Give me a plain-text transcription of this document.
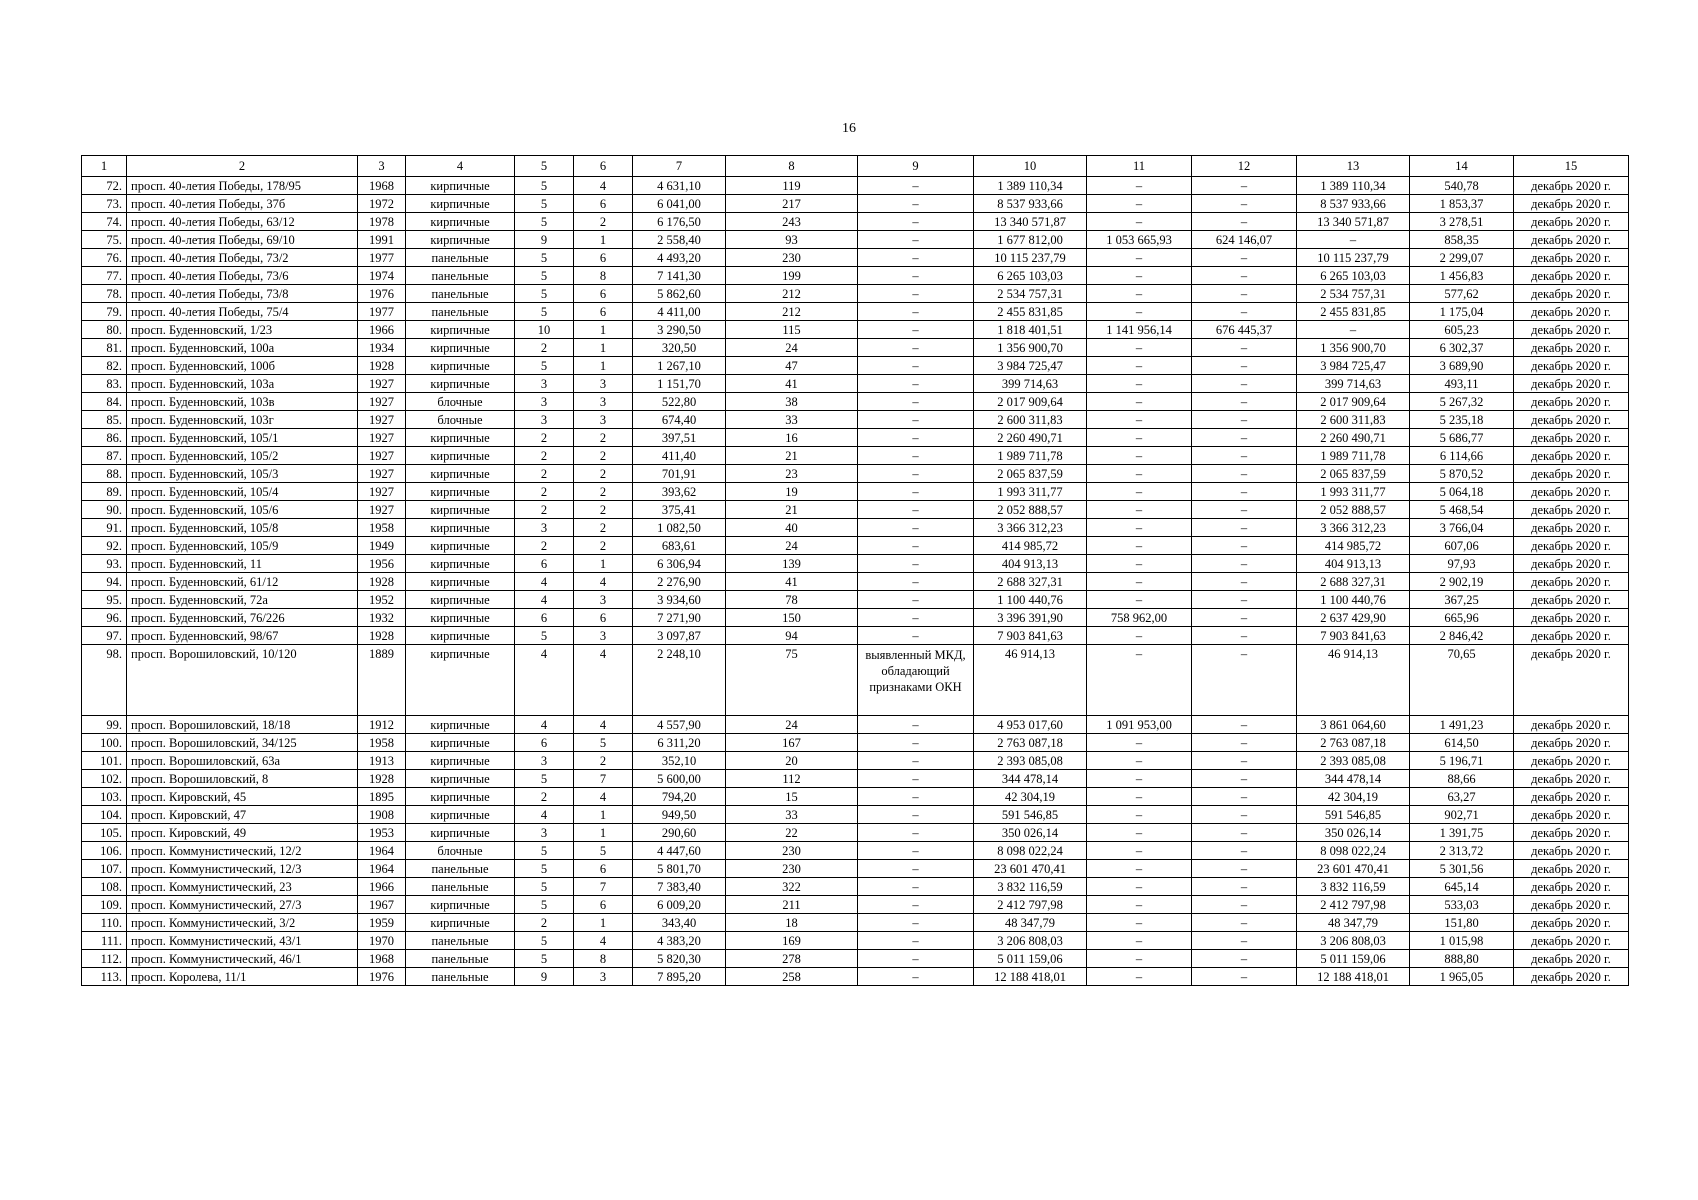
16
1	2	3	4	5	6	7	8	9	10	11	12	13	14	15
72.	просп. 40-летия Победы, 178/95	1968	кирпичные	5	4	4 631,10	119	–	1 389 110,34	–	–	1 389 110,34	540,78	декабрь 2020 г.
73.	просп. 40-летия Победы, 37б	1972	кирпичные	5	6	6 041,00	217	–	8 537 933,66	–	–	8 537 933,66	1 853,37	декабрь 2020 г.
74.	просп. 40-летия Победы, 63/12	1978	кирпичные	5	2	6 176,50	243	–	13 340 571,87	–	–	13 340 571,87	3 278,51	декабрь 2020 г.
75.	просп. 40-летия Победы, 69/10	1991	кирпичные	9	1	2 558,40	93	–	1 677 812,00	1 053 665,93	624 146,07	–	858,35	декабрь 2020 г.
76.	просп. 40-летия Победы, 73/2	1977	панельные	5	6	4 493,20	230	–	10 115 237,79	–	–	10 115 237,79	2 299,07	декабрь 2020 г.
77.	просп. 40-летия Победы, 73/6	1974	панельные	5	8	7 141,30	199	–	6 265 103,03	–	–	6 265 103,03	1 456,83	декабрь 2020 г.
78.	просп. 40-летия Победы, 73/8	1976	панельные	5	6	5 862,60	212	–	2 534 757,31	–	–	2 534 757,31	577,62	декабрь 2020 г.
79.	просп. 40-летия Победы, 75/4	1977	панельные	5	6	4 411,00	212	–	2 455 831,85	–	–	2 455 831,85	1 175,04	декабрь 2020 г.
80.	просп. Буденновский, 1/23	1966	кирпичные	10	1	3 290,50	115	–	1 818 401,51	1 141 956,14	676 445,37	–	605,23	декабрь 2020 г.
81.	просп. Буденновский, 100а	1934	кирпичные	2	1	320,50	24	–	1 356 900,70	–	–	1 356 900,70	6 302,37	декабрь 2020 г.
82.	просп. Буденновский, 100б	1928	кирпичные	5	1	1 267,10	47	–	3 984 725,47	–	–	3 984 725,47	3 689,90	декабрь 2020 г.
83.	просп. Буденновский, 103а	1927	кирпичные	3	3	1 151,70	41	–	399 714,63	–	–	399 714,63	493,11	декабрь 2020 г.
84.	просп. Буденновский, 103в	1927	блочные	3	3	522,80	38	–	2 017 909,64	–	–	2 017 909,64	5 267,32	декабрь 2020 г.
85.	просп. Буденновский, 103г	1927	блочные	3	3	674,40	33	–	2 600 311,83	–	–	2 600 311,83	5 235,18	декабрь 2020 г.
86.	просп. Буденновский, 105/1	1927	кирпичные	2	2	397,51	16	–	2 260 490,71	–	–	2 260 490,71	5 686,77	декабрь 2020 г.
87.	просп. Буденновский, 105/2	1927	кирпичные	2	2	411,40	21	–	1 989 711,78	–	–	1 989 711,78	6 114,66	декабрь 2020 г.
88.	просп. Буденновский, 105/3	1927	кирпичные	2	2	701,91	23	–	2 065 837,59	–	–	2 065 837,59	5 870,52	декабрь 2020 г.
89.	просп. Буденновский, 105/4	1927	кирпичные	2	2	393,62	19	–	1 993 311,77	–	–	1 993 311,77	5 064,18	декабрь 2020 г.
90.	просп. Буденновский, 105/6	1927	кирпичные	2	2	375,41	21	–	2 052 888,57	–	–	2 052 888,57	5 468,54	декабрь 2020 г.
91.	просп. Буденновский, 105/8	1958	кирпичные	3	2	1 082,50	40	–	3 366 312,23	–	–	3 366 312,23	3 766,04	декабрь 2020 г.
92.	просп. Буденновский, 105/9	1949	кирпичные	2	2	683,61	24	–	414 985,72	–	–	414 985,72	607,06	декабрь 2020 г.
93.	просп. Буденновский, 11	1956	кирпичные	6	1	6 306,94	139	–	404 913,13	–	–	404 913,13	97,93	декабрь 2020 г.
94.	просп. Буденновский, 61/12	1928	кирпичные	4	4	2 276,90	41	–	2 688 327,31	–	–	2 688 327,31	2 902,19	декабрь 2020 г.
95.	просп. Буденновский, 72а	1952	кирпичные	4	3	3 934,60	78	–	1 100 440,76	–	–	1 100 440,76	367,25	декабрь 2020 г.
96.	просп. Буденновский, 76/226	1932	кирпичные	6	6	7 271,90	150	–	3 396 391,90	758 962,00	–	2 637 429,90	665,96	декабрь 2020 г.
97.	просп. Буденновский, 98/67	1928	кирпичные	5	3	3 097,87	94	–	7 903 841,63	–	–	7 903 841,63	2 846,42	декабрь 2020 г.
98.	просп. Ворошиловский, 10/120	1889	кирпичные	4	4	2 248,10	75	выявленный МКД, обладающий признаками ОКН	46 914,13	–	–	46 914,13	70,65	декабрь 2020 г.
99.	просп. Ворошиловский, 18/18	1912	кирпичные	4	4	4 557,90	24	–	4 953 017,60	1 091 953,00	–	3 861 064,60	1 491,23	декабрь 2020 г.
100.	просп. Ворошиловский, 34/125	1958	кирпичные	6	5	6 311,20	167	–	2 763 087,18	–	–	2 763 087,18	614,50	декабрь 2020 г.
101.	просп. Ворошиловский, 63а	1913	кирпичные	3	2	352,10	20	–	2 393 085,08	–	–	2 393 085,08	5 196,71	декабрь 2020 г.
102.	просп. Ворошиловский, 8	1928	кирпичные	5	7	5 600,00	112	–	344 478,14	–	–	344 478,14	88,66	декабрь 2020 г.
103.	просп. Кировский, 45	1895	кирпичные	2	4	794,20	15	–	42 304,19	–	–	42 304,19	63,27	декабрь 2020 г.
104.	просп. Кировский, 47	1908	кирпичные	4	1	949,50	33	–	591 546,85	–	–	591 546,85	902,71	декабрь 2020 г.
105.	просп. Кировский, 49	1953	кирпичные	3	1	290,60	22	–	350 026,14	–	–	350 026,14	1 391,75	декабрь 2020 г.
106.	просп. Коммунистический, 12/2	1964	блочные	5	5	4 447,60	230	–	8 098 022,24	–	–	8 098 022,24	2 313,72	декабрь 2020 г.
107.	просп. Коммунистический, 12/3	1964	панельные	5	6	5 801,70	230	–	23 601 470,41	–	–	23 601 470,41	5 301,56	декабрь 2020 г.
108.	просп. Коммунистический, 23	1966	панельные	5	7	7 383,40	322	–	3 832 116,59	–	–	3 832 116,59	645,14	декабрь 2020 г.
109.	просп. Коммунистический, 27/3	1967	кирпичные	5	6	6 009,20	211	–	2 412 797,98	–	–	2 412 797,98	533,03	декабрь 2020 г.
110.	просп. Коммунистический, 3/2	1959	кирпичные	2	1	343,40	18	–	48 347,79	–	–	48 347,79	151,80	декабрь 2020 г.
111.	просп. Коммунистический, 43/1	1970	панельные	5	4	4 383,20	169	–	3 206 808,03	–	–	3 206 808,03	1 015,98	декабрь 2020 г.
112.	просп. Коммунистический, 46/1	1968	панельные	5	8	5 820,30	278	–	5 011 159,06	–	–	5 011 159,06	888,80	декабрь 2020 г.
113.	просп. Королева, 11/1	1976	панельные	9	3	7 895,20	258	–	12 188 418,01	–	–	12 188 418,01	1 965,05	декабрь 2020 г.
